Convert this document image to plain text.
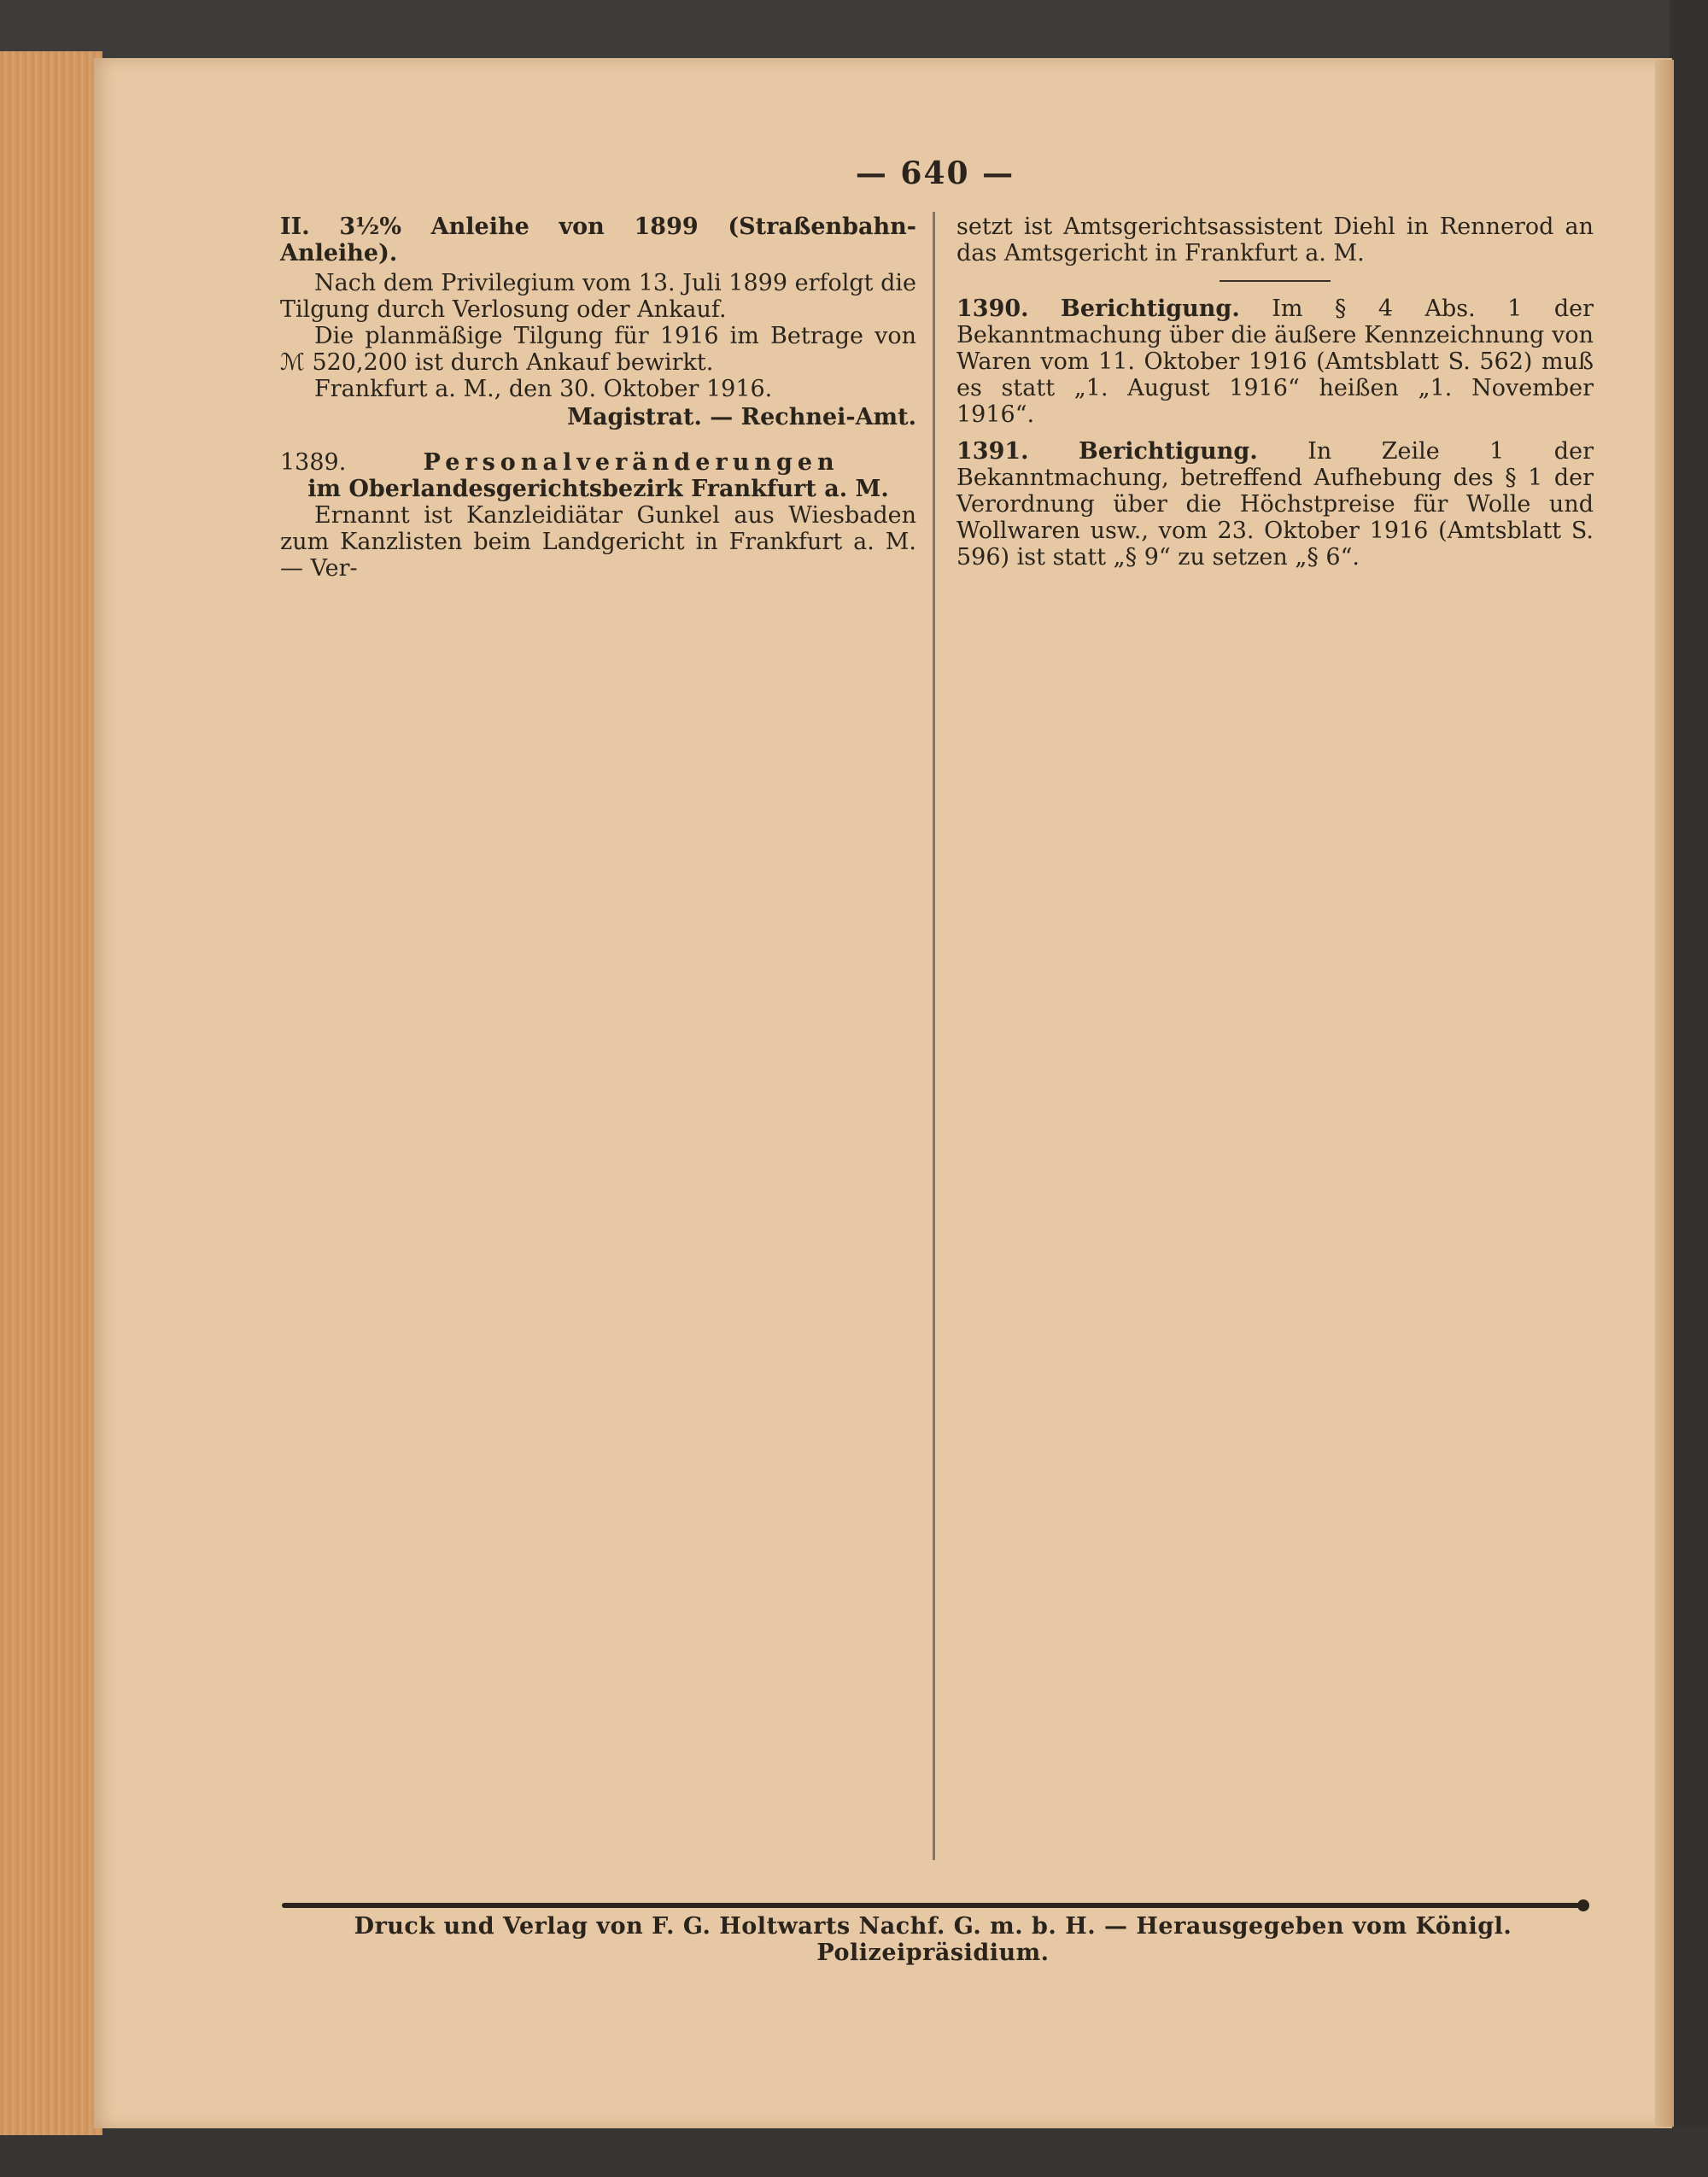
— 640 —

II. 3½% Anleihe von 1899 (Straßenbahn-Anleihe).

Nach dem Privilegium vom 13. Juli 1899 erfolgt die Tilgung durch Verlosung oder Ankauf.

Die planmäßige Tilgung für 1916 im Betrage von ℳ 520,200 ist durch Ankauf bewirkt.

Frankfurt a. M., den 30. Oktober 1916.

Magistrat. — Rechnei-Amt.

1389.	Personalveränderungen

im Oberlandesgerichtsbezirk Frankfurt a. M.

Ernannt ist Kanzleidiätar Gunkel aus Wiesbaden zum Kanzlisten beim Landgericht in Frankfurt a. M. — Ver-

setzt ist Amtsgerichtsassistent Diehl in Rennerod an das Amtsgericht in Frankfurt a. M.

1390. Berichtigung. Im § 4 Abs. 1 der Bekanntmachung über die äußere Kennzeichnung von Waren vom 11. Oktober 1916 (Amtsblatt S. 562) muß es statt „1. August 1916“ heißen „1. November 1916“.

1391. Berichtigung. In Zeile 1 der Bekanntmachung, betreffend Aufhebung des § 1 der Verordnung über die Höchstpreise für Wolle und Wollwaren usw., vom 23. Oktober 1916 (Amtsblatt S. 596) ist statt „§ 9“ zu setzen „§ 6“.

Druck und Verlag von F. G. Holtwarts Nachf. G. m. b. H. — Herausgegeben vom Königl. Polizeipräsidium.
